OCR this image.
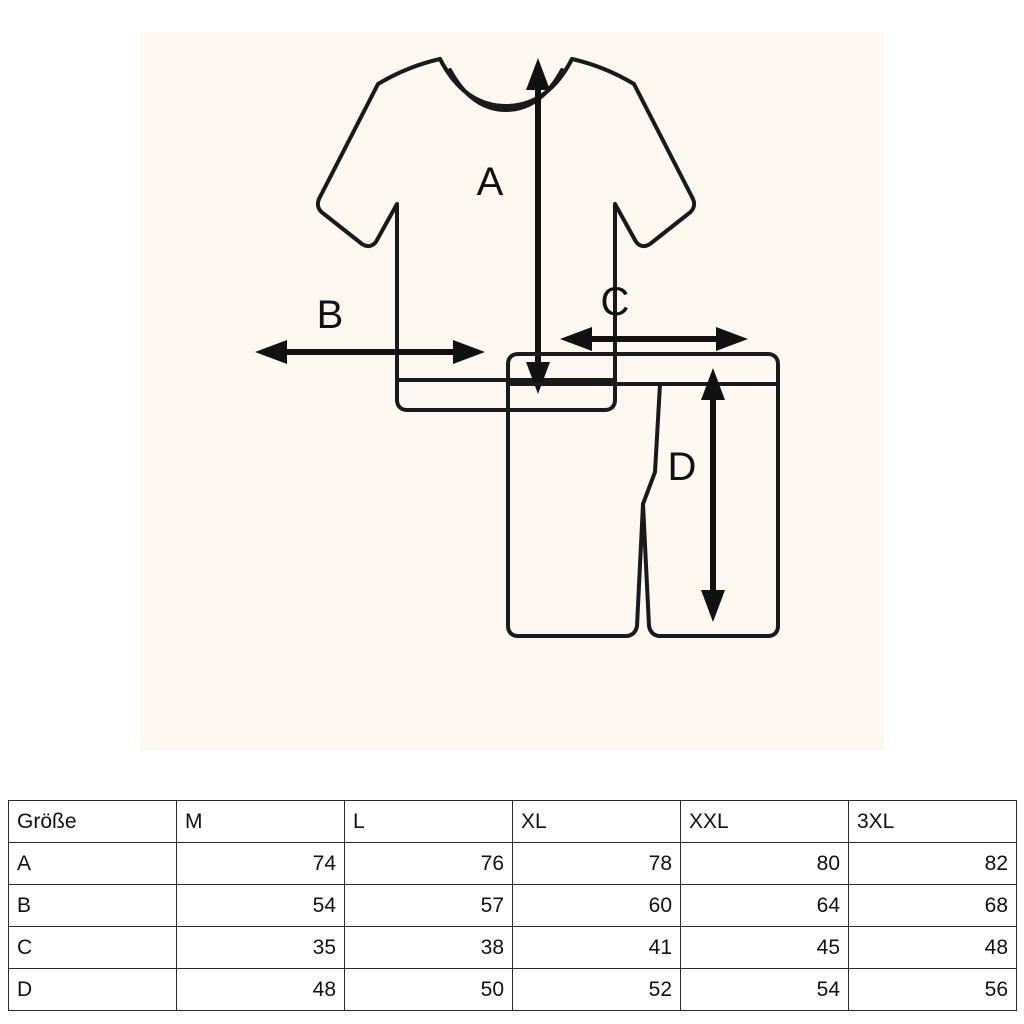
A
B	C
D
Größe	M	L	XL	XXL	3XL
A	74	76	78	80	82
B	54	57	60	64	68
C	35	38	41	45	48
D	48	50	52	54	56
